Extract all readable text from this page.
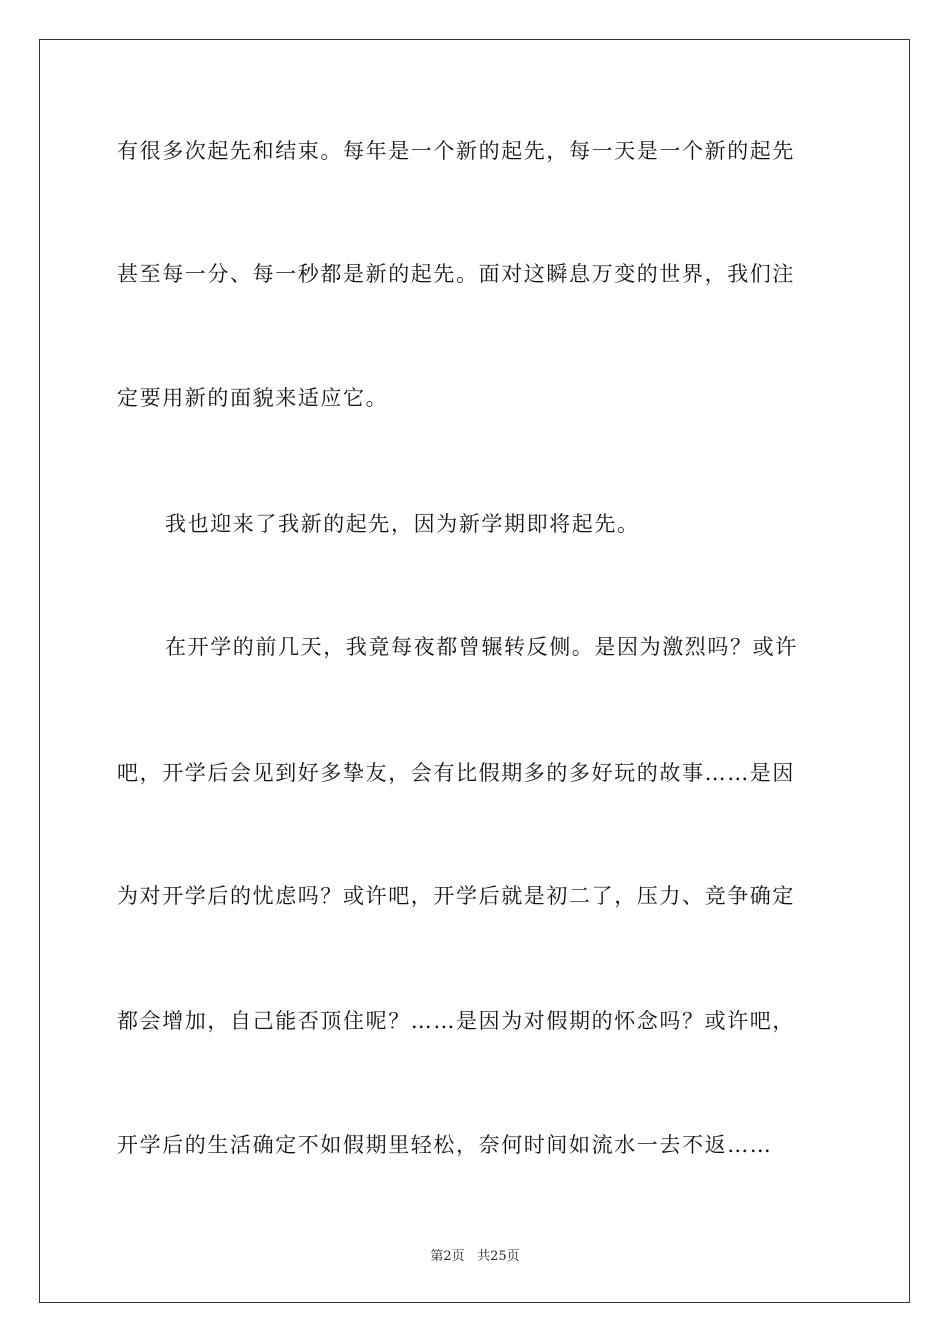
有很多次起先和结束。每年是一个新的起先，每一天是一个新的起先
甚至每一分、每一秒都是新的起先。面对这瞬息万变的世界，我们注
定要用新的面貌来适应它。
我也迎来了我新的起先，因为新学期即将起先。
在开学的前几天，我竟每夜都曾辗转反侧。是因为激烈吗？或许
吧，开学后会见到好多挚友，会有比假期多的多好玩的故事……是因
为对开学后的忧虑吗？或许吧，开学后就是初二了，压力、竞争确定
都会增加，自己能否顶住呢？……是因为对假期的怀念吗？或许吧，
开学后的生活确定不如假期里轻松，奈何时间如流水一去不返……
第2页 共25页
